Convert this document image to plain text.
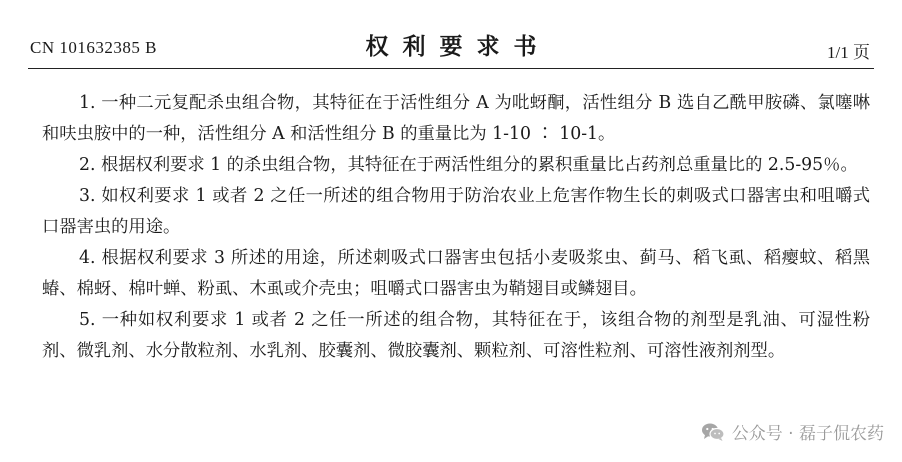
CN 101632385 B	权利要求书	1/1 页

1. 一种二元复配杀虫组合物，其特征在于活性组分 A 为吡蚜酮，活性组分 B 选自乙酰甲胺磷、氯噻啉和呋虫胺中的一种，活性组分 A 和活性组分 B 的重量比为 1-10 ∶ 10-1。

2. 根据权利要求 1 的杀虫组合物，其特征在于两活性组分的累积重量比占药剂总重量比的 2.5-95％。

3. 如权利要求 1 或者 2 之任一所述的组合物用于防治农业上危害作物生长的刺吸式口器害虫和咀嚼式口器害虫的用途。

4. 根据权利要求 3 所述的用途，所述刺吸式口器害虫包括小麦吸浆虫、蓟马、稻飞虱、稻瘿蚊、稻黑蝽、棉蚜、棉叶蝉、粉虱、木虱或介壳虫；咀嚼式口器害虫为鞘翅目或鳞翅目。

5. 一种如权利要求 1 或者 2 之任一所述的组合物，其特征在于，该组合物的剂型是乳油、可湿性粉剂、微乳剂、水分散粒剂、水乳剂、胶囊剂、微胶囊剂、颗粒剂、可溶性粒剂、可溶性液剂剂型。

公众号 · 磊子侃农药
